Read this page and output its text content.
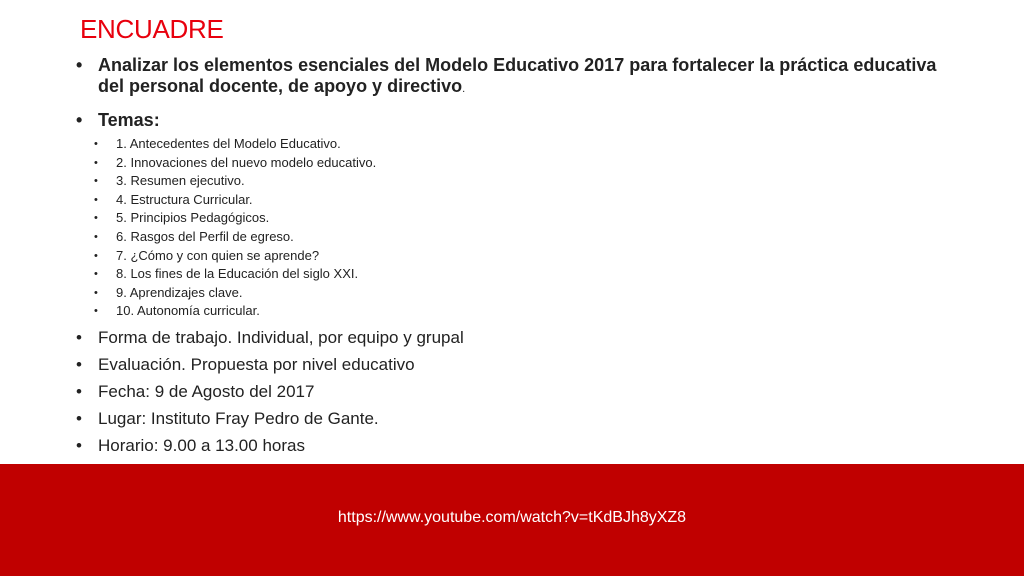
ENCUADRE
• Analizar los elementos esenciales del Modelo Educativo 2017 para fortalecer la práctica educativa del personal docente, de apoyo y directivo.
• Temas:
• 1. Antecedentes del Modelo Educativo.
• 2. Innovaciones del nuevo modelo educativo.
• 3. Resumen ejecutivo.
• 4. Estructura Curricular.
• 5. Principios Pedagógicos.
• 6. Rasgos del Perfil de egreso.
• 7. ¿Cómo y con quien se aprende?
• 8. Los fines de la Educación del siglo XXI.
• 9. Aprendizajes clave.
• 10. Autonomía curricular.
• Forma de trabajo. Individual, por equipo y grupal
• Evaluación. Propuesta por nivel educativo
• Fecha: 9 de Agosto del 2017
• Lugar: Instituto Fray Pedro de Gante.
• Horario: 9.00 a 13.00 horas
https://www.youtube.com/watch?v=tKdBJh8yXZ8
